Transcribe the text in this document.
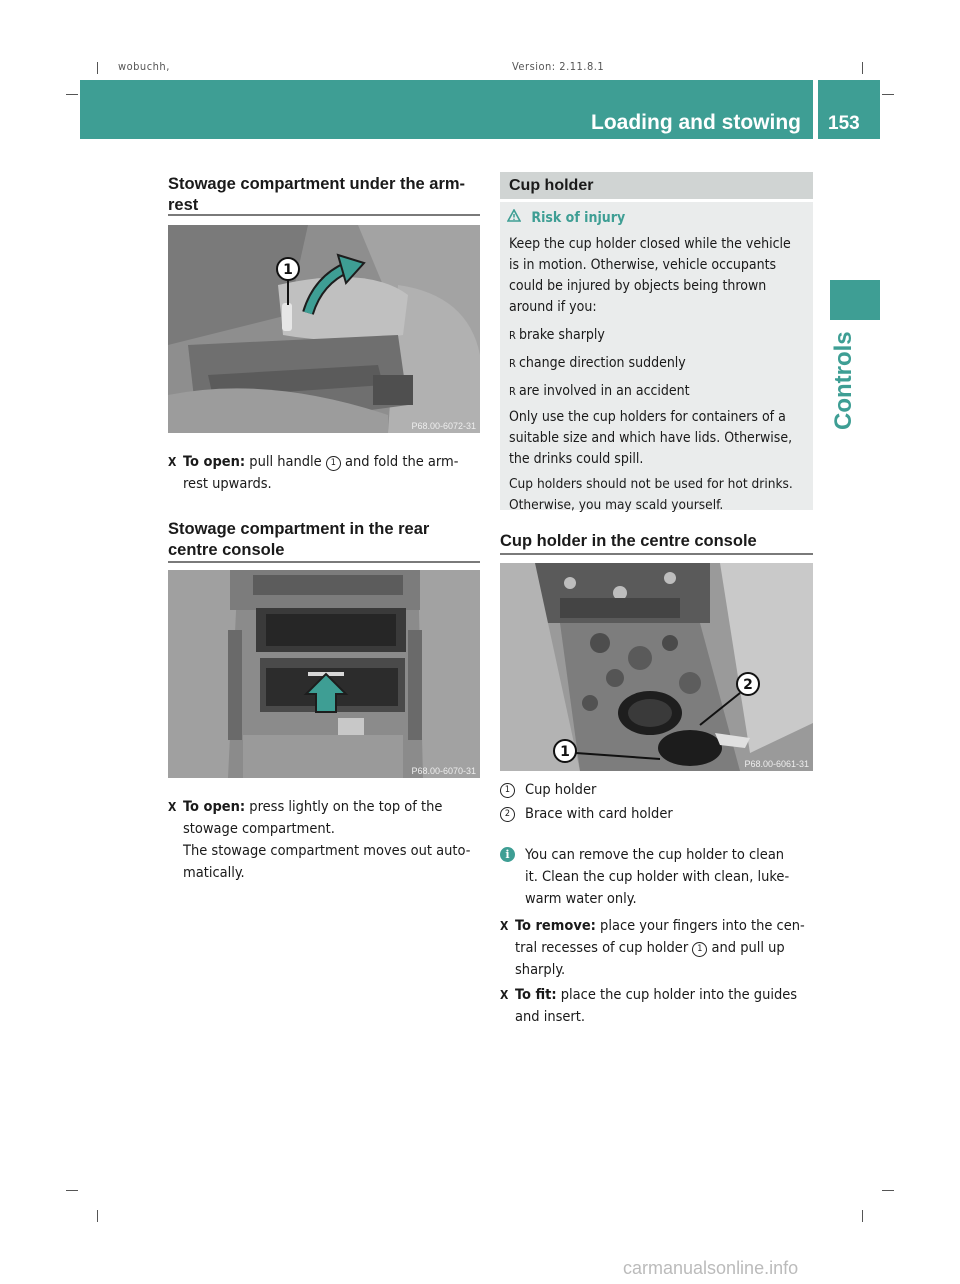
wobuchh,	Version: 2.11.8.1
Loading and stowing 153
Controls
Stowage compartment under the arm-
rest
1
P68.00-6072-31
X To open: pull handle 1 and fold the arm-
rest upwards.
Stowage compartment in the rear
centre console
P68.00-6070-31
X To open: press lightly on the top of the
stowage compartment.
The stowage compartment moves out auto-
matically.
Cup holder
Risk of injury
Keep the cup holder closed while the vehicle
is in motion. Otherwise, vehicle occupants
could be injured by objects being thrown
around if you:
R brake sharply
R change direction suddenly
R are involved in an accident
Only use the cup holders for containers of a
suitable size and which have lids. Otherwise,
the drinks could spill.
Cup holders should not be used for hot drinks.
Otherwise, you may scald yourself.
Cup holder in the centre console
2
1
P68.00-6061-31
1	Cup holder
2	Brace with card holder
i	You can remove the cup holder to clean
it. Clean the cup holder with clean, luke-
warm water only.
X To remove: place your fingers into the cen-
tral recesses of cup holder 1 and pull up
sharply.
X To fit: place the cup holder into the guides
and insert.
carmanualsonline.info
